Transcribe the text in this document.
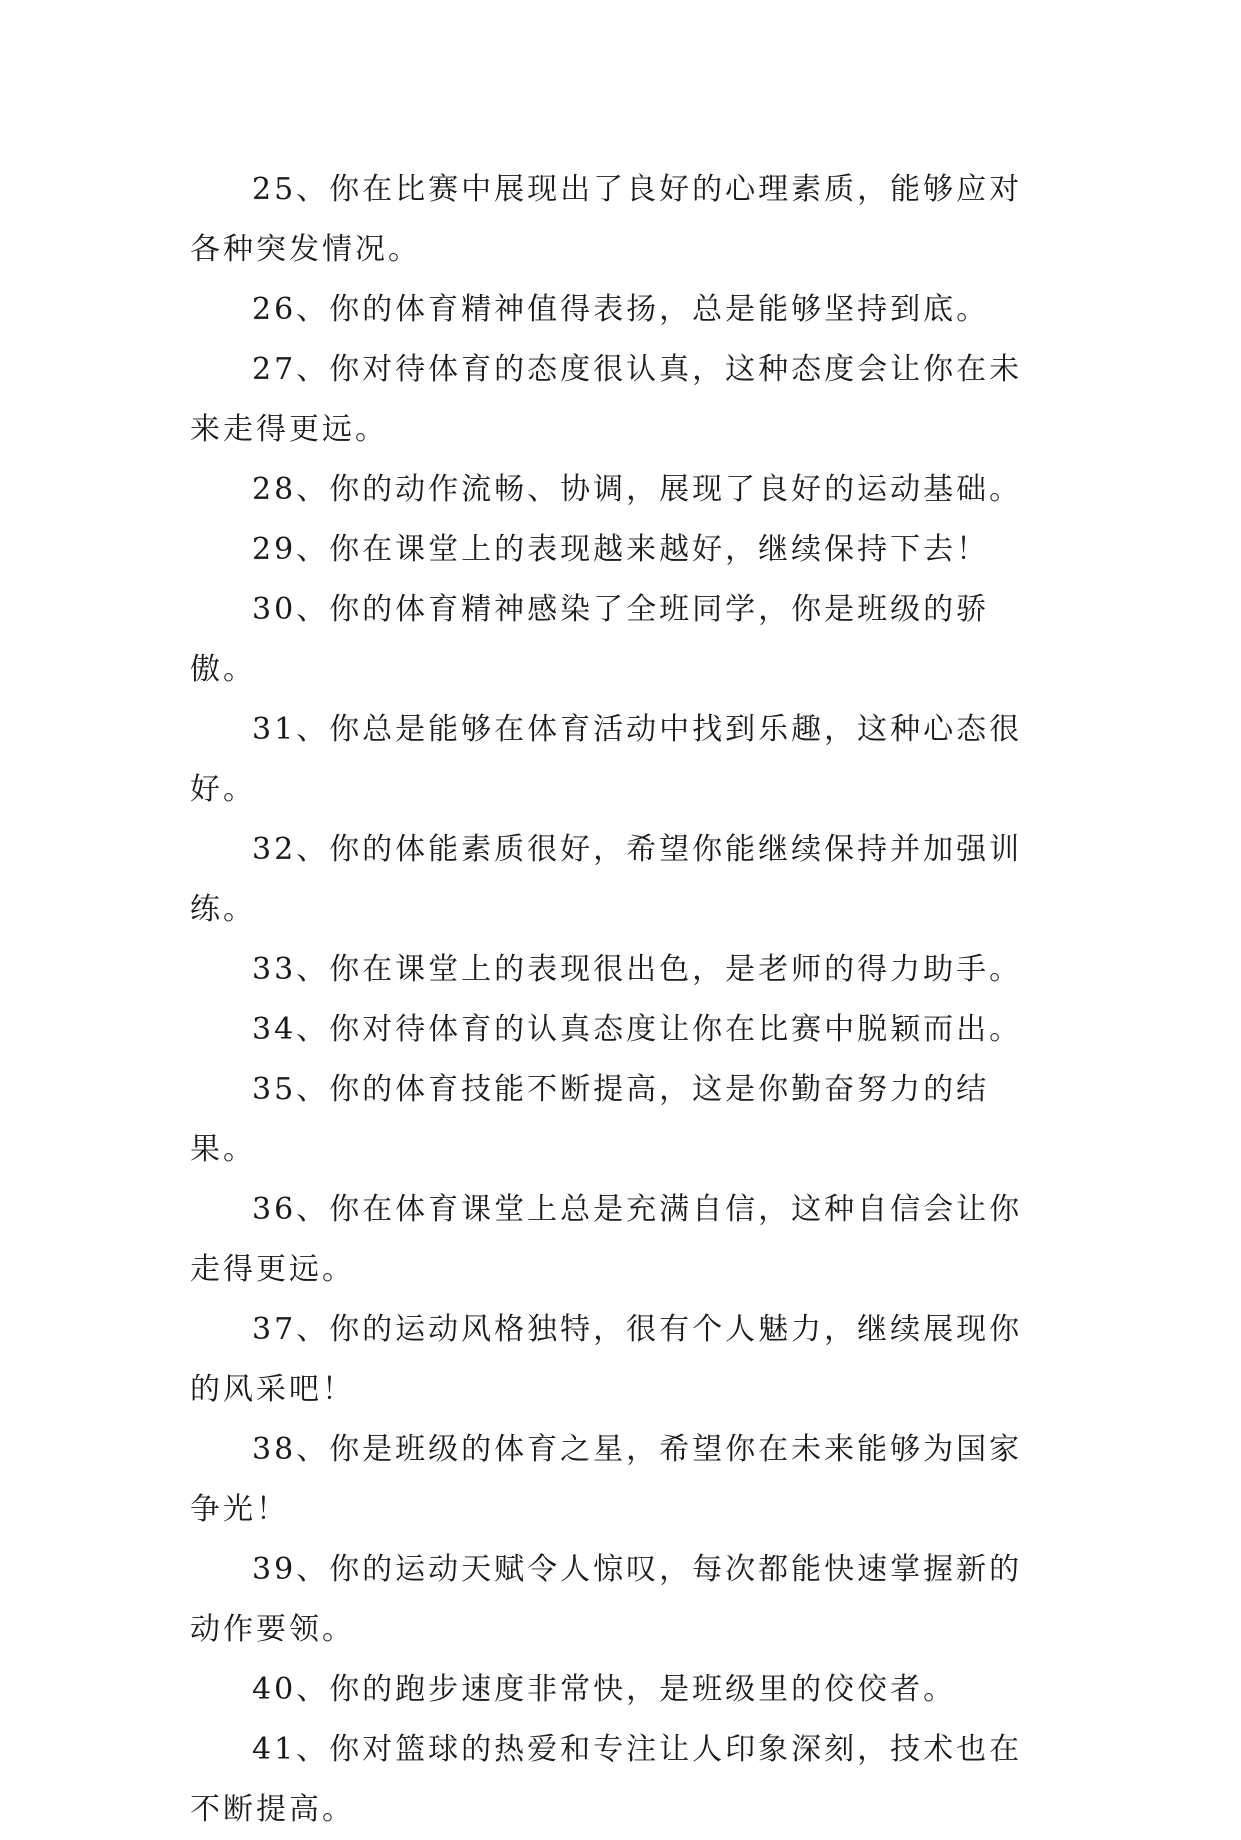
25、你在比赛中展现出了良好的心理素质，能够应对各种突发情况。

26、你的体育精神值得表扬，总是能够坚持到底。

27、你对待体育的态度很认真，这种态度会让你在未来走得更远。

28、你的动作流畅、协调，展现了良好的运动基础。

29、你在课堂上的表现越来越好，继续保持下去！

30、你的体育精神感染了全班同学，你是班级的骄傲。

31、你总是能够在体育活动中找到乐趣，这种心态很好。

32、你的体能素质很好，希望你能继续保持并加强训练。

33、你在课堂上的表现很出色，是老师的得力助手。

34、你对待体育的认真态度让你在比赛中脱颖而出。

35、你的体育技能不断提高，这是你勤奋努力的结果。

36、你在体育课堂上总是充满自信，这种自信会让你走得更远。

37、你的运动风格独特，很有个人魅力，继续展现你的风采吧！

38、你是班级的体育之星，希望你在未来能够为国家争光！

39、你的运动天赋令人惊叹，每次都能快速掌握新的动作要领。

40、你的跑步速度非常快，是班级里的佼佼者。

41、你对篮球的热爱和专注让人印象深刻，技术也在不断提高。
